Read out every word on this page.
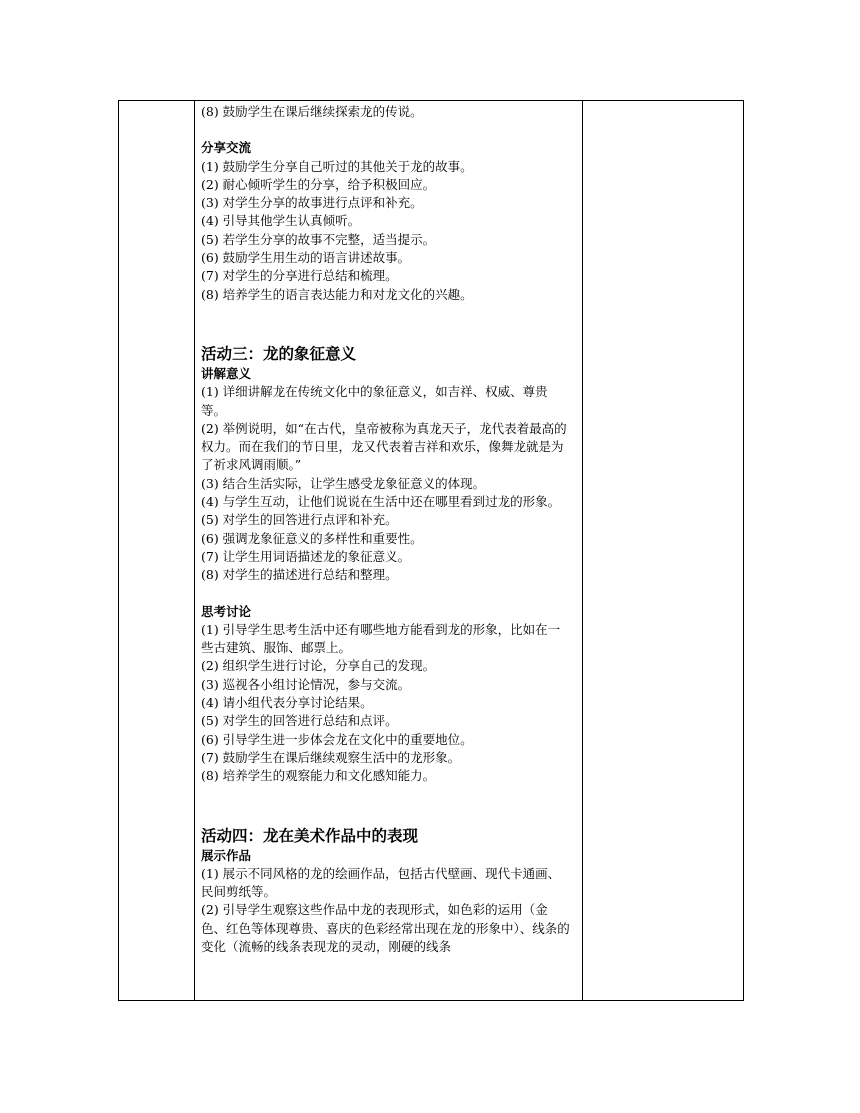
(8) 鼓励学生在课后继续探索龙的传说。

分享交流

(1) 鼓励学生分享自己听过的其他关于龙的故事。

(2) 耐心倾听学生的分享，给予积极回应。

(3) 对学生分享的故事进行点评和补充。

(4) 引导其他学生认真倾听。

(5) 若学生分享的故事不完整，适当提示。

(6) 鼓励学生用生动的语言讲述故事。

(7) 对学生的分享进行总结和梳理。

(8) 培养学生的语言表达能力和对龙文化的兴趣。

活动三：龙的象征意义

讲解意义

(1) 详细讲解龙在传统文化中的象征意义，如吉祥、权威、尊贵等。

(2) 举例说明，如“在古代，皇帝被称为真龙天子，龙代表着最高的权力。而在我们的节日里，龙又代表着吉祥和欢乐，像舞龙就是为了祈求风调雨顺。”

(3) 结合生活实际，让学生感受龙象征意义的体现。

(4) 与学生互动，让他们说说在生活中还在哪里看到过龙的形象。

(5) 对学生的回答进行点评和补充。

(6) 强调龙象征意义的多样性和重要性。

(7) 让学生用词语描述龙的象征意义。

(8) 对学生的描述进行总结和整理。

思考讨论

(1) 引导学生思考生活中还有哪些地方能看到龙的形象，比如在一些古建筑、服饰、邮票上。

(2) 组织学生进行讨论，分享自己的发现。

(3) 巡视各小组讨论情况，参与交流。

(4) 请小组代表分享讨论结果。

(5) 对学生的回答进行总结和点评。

(6) 引导学生进一步体会龙在文化中的重要地位。

(7) 鼓励学生在课后继续观察生活中的龙形象。

(8) 培养学生的观察能力和文化感知能力。

活动四：龙在美术作品中的表现

展示作品

(1) 展示不同风格的龙的绘画作品，包括古代壁画、现代卡通画、民间剪纸等。

(2) 引导学生观察这些作品中龙的表现形式，如色彩的运用（金色、红色等体现尊贵、喜庆的色彩经常出现在龙的形象中）、线条的变化（流畅的线条表现龙的灵动，刚硬的线条
